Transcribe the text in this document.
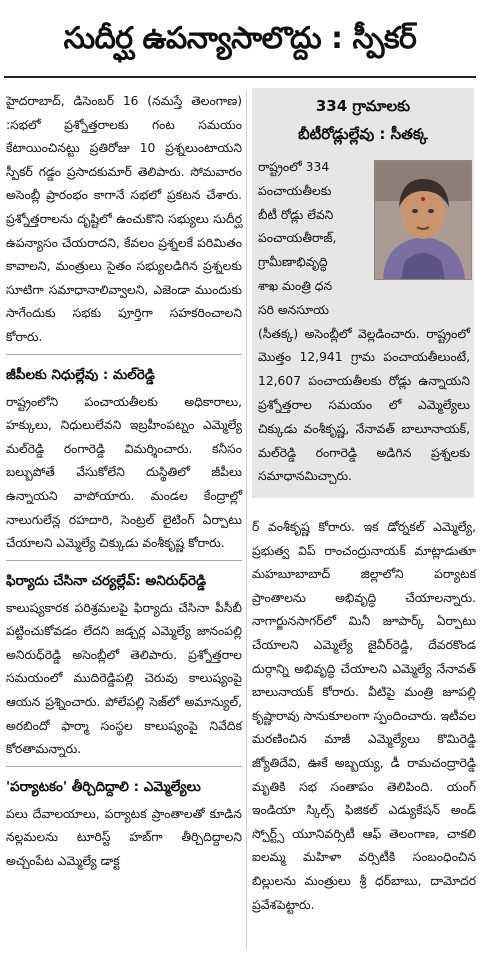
సుదీర్ఘ ఉపన్యాసాలొద్దు : స్పీకర్

హైదరాబాద్, డిసెంబర్ 16 (నమస్తే తెలంగాణ) :సభలో ప్రశ్నోత్తరాలకు గంట సమయం కేటాయించినట్టు ప్రతిరోజు 10 ప్రశ్నలుంటాయని స్పీకర్ గడ్డం ప్రసాదకుమార్ తెలిపారు. సోమవారం అసెంబ్లీ ప్రారంభం కాగానే సభలో ప్రకటన చేశారు. ప్రశ్నోత్తరాలను దృష్టిలో ఉంచుకొని సభ్యులు సుదీర్ఘ ఉపన్యాసం చేయరాదని, కేవలం ప్రశ్నలకే పరిమితం కావాలని, మంత్రులు సైతం సభ్యులడిగిన ప్రశ్నలకు సూటిగా సమాధానాలివ్వాలని, ఎజెండా ముందుకు సాగేందుకు సభకు పూర్తిగా సహకరించాలని కోరారు.

జీపీలకు నిధుల్లేవు : మల్‌రెడ్డి

రాష్ట్రంలోని పంచాయతీలకు అధికారాలు, హక్కులు, నిధులులేవని ఇబ్రహీంపట్నం ఎమ్మెల్యే మల్‌రెడ్డి రంగారెడ్డి విమర్శించారు. కనీసం బల్బుపోతే వేసుకోలేని దుస్థితిలో జీపీలు ఉన్నాయని వాపోయారు. మండల కేంద్రాల్లో నాలుగులేన్ల రహదారి, సెంట్రల్ లైటింగ్ ఏర్పాటు చేయాలని ఎమ్మెల్యే చిక్కుడు వంశీకృష్ణ కోరారు.

ఫిర్యాదు చేసినా చర్యల్లేవ్: అనిరుధ్‌రెడ్డి

కాలుష్యకారక పరిశ్రమలపై ఫిర్యాదు చేసినా పీసీబీ పట్టించుకోవడం లేదని జడ్చర్ల ఎమ్మెల్యే జానంపల్లి అనిరుధ్‌రెడ్డి అసెంబ్లీలో తెలిపారు. ప్రశ్నోత్తరాల సమయంలో ముదిరెడ్డిపల్లి చెరువు కాలుష్యంపై ఆయన ప్రశ్నించారు. పోలేపల్లి సెజ్‌లో అమాన్యుల్, అరబిందో ఫార్మా సంస్థల కాలుష్యంపై నివేదిక కోరతామన్నారు.

'పర్యాటకం' తీర్చిదిద్దాలి : ఎమ్మెల్యేలు

పలు దేవాలయాలు, పర్యాటక ప్రాంతాలతో కూడిన నల్లమలను టూరిస్ట్ హబ్‌గా తీర్చిదిద్దాలని అచ్చంపేట ఎమ్మెల్యే డాక్ట

334 గ్రామాలకు
బీటీరోడ్లుల్లేవు : సీతక్క
రాష్ట్రంలో 334
పంచాయతీలకు
బీటీ రోడ్లు లేవని
పంచాయతీరాజ్,
గ్రామీణాభివృద్ధి
శాఖ మంత్రి ధన
సరి అనసూయ

(సీతక్క) అసెంబ్లీలో వెల్లడించారు. రాష్ట్రంలో మొత్తం 12,941 గ్రామ పంచాయతీలుంటే, 12,607 పంచాయతీలకు రోడ్లు ఉన్నాయని ప్రశ్నోత్తరాల సమయం లో ఎమ్మెల్యేలు చిక్కుడు వంశీకృష్ణ, నేనావత్ బాలూనాయక్, మల్‌రెడ్డి రంగారెడ్డి అడిగిన ప్రశ్నలకు సమాధానమిచ్చారు.

ర్ వంశీకృష్ణ కోరారు. ఇక డోర్నకల్ ఎమ్మెల్యే, ప్రభుత్వ విప్ రాంచంద్రునాయక్ మాట్లాడుతూ మహబూబాబాద్ జిల్లాలోని పర్యాటక ప్రాంతాలను అభివృద్ధి చేయాలన్నారు. నాగార్జునసాగర్‌లో మినీ జూపార్క్ ఏర్పాటు చేయాలని ఎమ్మెల్యే జైవీర్‌రెడ్డి, దేవరకొండ దుర్గాన్ని అభివృద్ధి చేయాలని ఎమ్మెల్యే నేనావత్ బాలునాయక్ కోరారు. వీటిపై మంత్రి జూపల్లి కృష్ణారావు సానుకూలంగా స్పందించారు. ఇటీవల మరణించిన మాజీ ఎమ్మెల్యేలు కొమిరెడ్డి జ్యోతిదేవి, ఊకే అబ్బయ్య, డీ రామచంద్రారెడ్డి మృతికి సభ సంతాపం తెలిపింది. యంగ్ ఇండియా స్కిల్స్ ఫిజికల్ ఎడ్యుకేషన్ అండ్ స్పోర్ట్స్ యూనివర్సిటీ ఆఫ్ తెలంగాణ, చాకలి ఐలమ్మ మహిళా వర్సిటీకి సంబంధించిన బిల్లులను మంత్రులు శ్రీ ధర్‌బాబు, దామోదర ప్రవేశపెట్టారు.
